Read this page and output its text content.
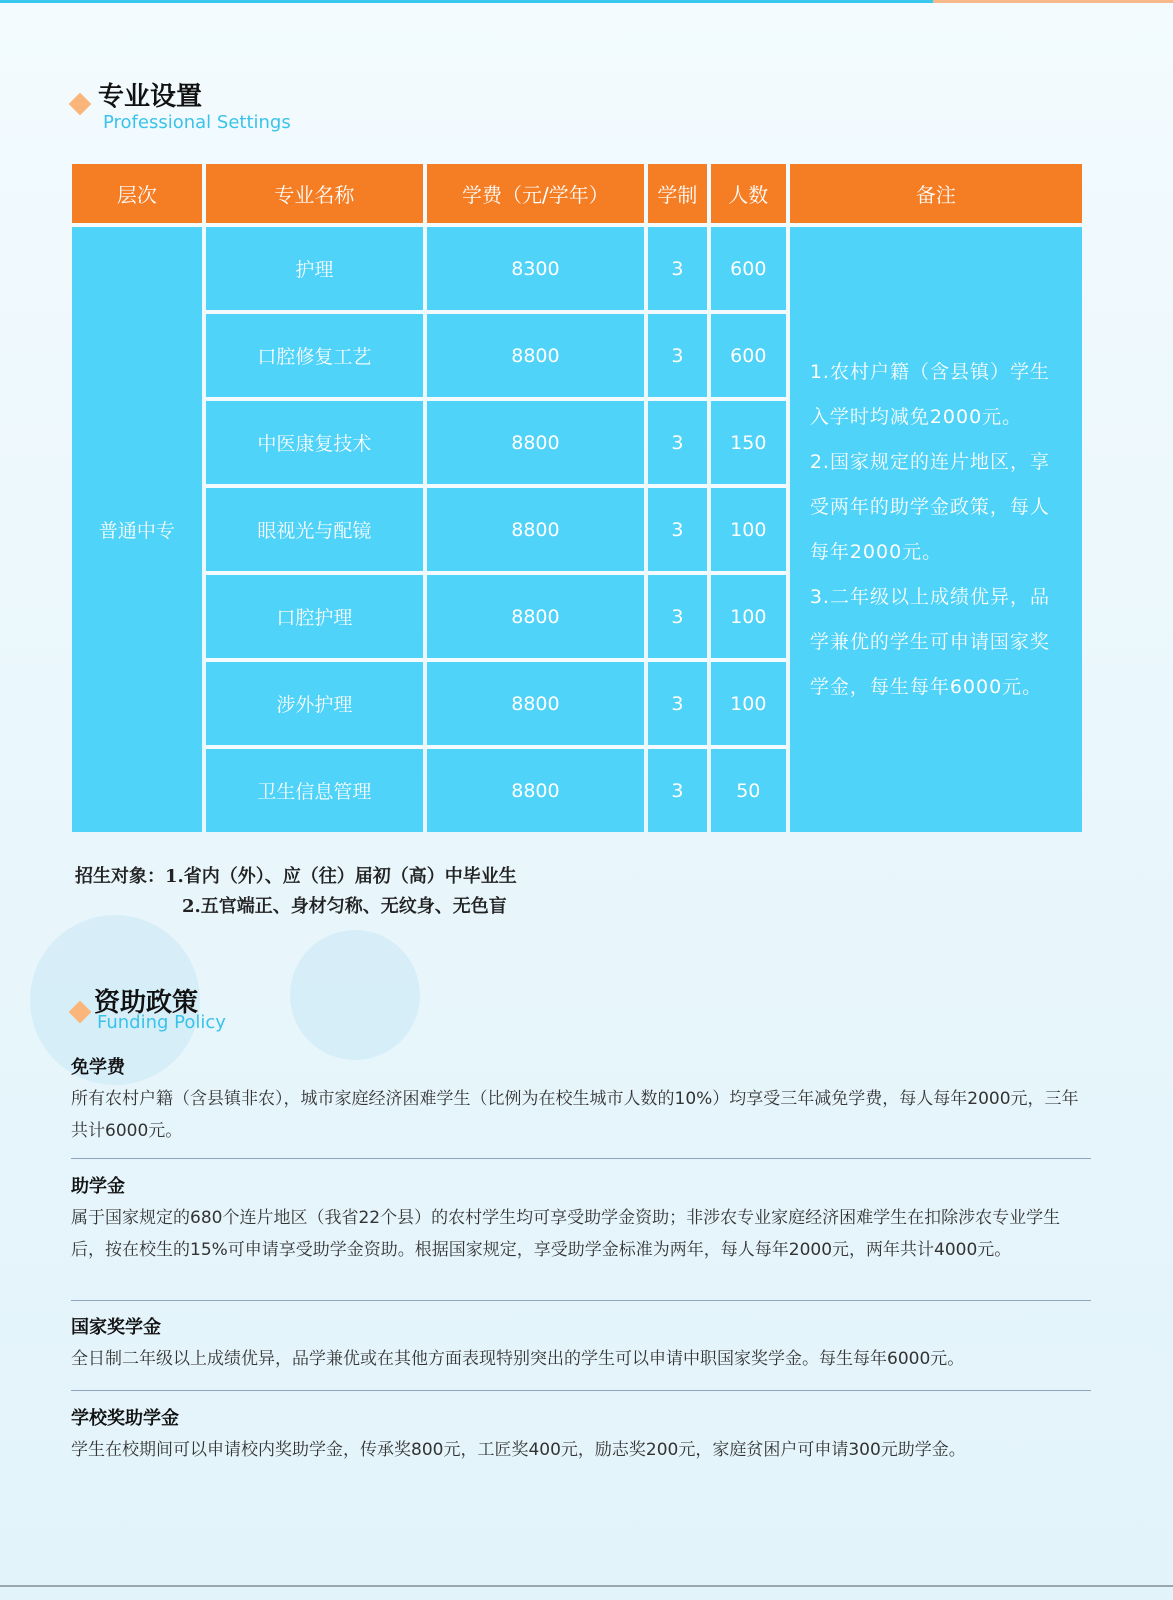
专业设置
Professional Settings
层次	专业名称	学费（元/学年）	学制	人数	备注
普通中专	护理	8300	3	600	1.农村户籍（含县镇）学生入学时均减免2000元。
2.国家规定的连片地区，享受两年的助学金政策，每人每年2000元。
3.二年级以上成绩优异，品学兼优的学生可申请国家奖学金，每生每年6000元。

	口腔修复工艺	8800	3	600	
	中医康复技术	8800	3	150	
	眼视光与配镜	8800	3	100	
	口腔护理	8800	3	100	
	涉外护理	8800	3	100	
	卫生信息管理	8800	3	50	
招生对象：1.省内（外）、应（往）届初（高）中毕业生
2.五官端正、身材匀称、无纹身、无色盲
资助政策
Funding Policy
免学费
所有农村户籍（含县镇非农），城市家庭经济困难学生（比例为在校生城市人数的10%）均享受三年减免学费，每人每年2000元，三年共计6000元。
助学金
属于国家规定的680个连片地区（我省22个县）的农村学生均可享受助学金资助；非涉农专业家庭经济困难学生在扣除涉农专业学生后，按在校生的15%可申请享受助学金资助。根据国家规定，享受助学金标准为两年，每人每年2000元，两年共计4000元。
国家奖学金
全日制二年级以上成绩优异，品学兼优或在其他方面表现特别突出的学生可以申请中职国家奖学金。每生每年6000元。
学校奖助学金
学生在校期间可以申请校内奖助学金，传承奖800元，工匠奖400元，励志奖200元，家庭贫困户可申请300元助学金。
